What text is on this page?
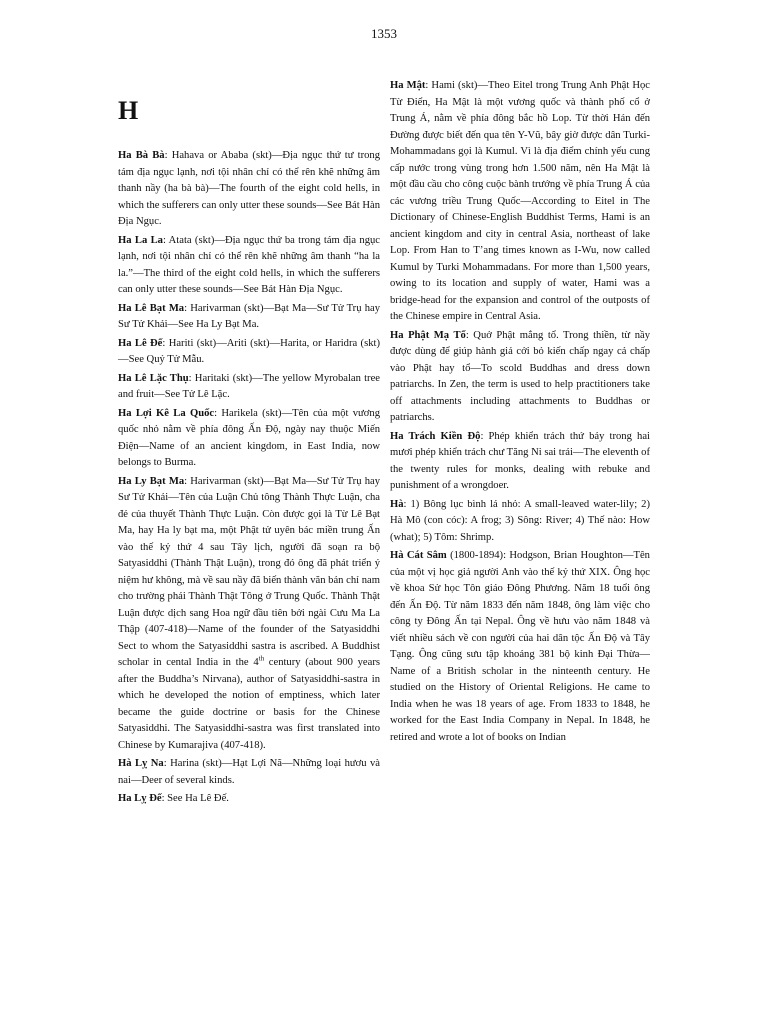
1353
H

Ha Bà Bà: Hahava or Ababa (skt)—Địa ngục thứ tư trong tám địa ngục lạnh, nơi tội nhân chỉ có thể rên khẽ những âm thanh nầy (ha bà bà)—The fourth of the eight cold hells, in which the sufferers can only utter these sounds—See Bát Hàn Địa Ngục.

Ha La La: Atata (skt)—Địa ngục thứ ba trong tám địa ngục lạnh, nơi tội nhân chỉ có thể rên khẽ những âm thanh “ha la la.”—The third of the eight cold hells, in which the sufferers can only utter these sounds—See Bát Hàn Địa Ngục.

Ha Lê Bạt Ma: Harivarman (skt)—Bạt Ma—Sư Tử Trụ hay Sư Tử Khải—See Ha Ly Bạt Ma.

Ha Lê Đế: Hariti (skt)—Ariti (skt)—Harita, or Haridra (skt)—See Quỷ Tử Mẫu.

Ha Lê Lặc Thụ: Haritaki (skt)—The yellow Myrobalan tree and fruit—See Tử Lê Lặc.

Ha Lợi Kê La Quốc: Harikela (skt)—Tên của một vương quốc nhỏ nằm về phía đông Ấn Độ, ngày nay thuộc Miến Điện—Name of an ancient kingdom, in East India, now belongs to Burma.

Ha Ly Bạt Ma: Harivarman (skt)—Bạt Ma—Sư Tử Trụ hay Sư Tử Khải—Tên của Luận Chủ tông Thành Thực Luận, cha đẻ của thuyết Thành Thực Luận. Còn được gọi là Từ Lê Bạt Ma, hay Ha ly bạt ma, một Phật tử uyên bác miền trung Ấn vào thế kỷ thứ 4 sau Tây lịch, người đã soạn ra bộ Satyasiddhi (Thành Thật Luận), trong đó ông đã phát triển ý niệm hư không, mà về sau nầy đã biến thành văn bản chỉ nam cho trường phái Thành Thật Tông ở Trung Quốc. Thành Thật Luận được dịch sang Hoa ngữ đầu tiên bởi ngài Cưu Ma La Thập (407-418)—Name of the founder of the Satyasiddhi Sect to whom the Satyasiddhi sastra is ascribed. A Buddhist scholar in cental India in the 4th century (about 900 years after the Buddha’s Nirvana), author of Satyasiddhi-sastra in which he developed the notion of emptiness, which later became the guide doctrine or basis for the Chinese Satyasiddhi. The Satyasiddhi-sastra was first translated into Chinese by Kumarajiva (407-418).

Hà Lỵ Na: Harina (skt)—Hạt Lợi Nã—Những loại hươu và nai—Deer of several kinds.

Ha Lỵ Đế: See Ha Lê Đế.

Ha Mật: Hami (skt)—Theo Eitel trong Trung Anh Phật Học Từ Điển, Ha Mật là một vương quốc và thành phố cổ ở Trung Á, nằm về phía đông bắc hồ Lop. Từ thời Hán đến Đường được biết đến qua tên Y-Vũ, bây giờ được dân Turki-Mohammadans gọi là Kumul. Vì là địa điểm chính yếu cung cấp nước trong vùng trong hơn 1.500 năm, nên Ha Mật là một đầu cầu cho công cuộc bành trướng về phía Trung Á của các vương triều Trung Quốc—According to Eitel in The Dictionary of Chinese-English Buddhist Terms, Hami is an ancient kingdom and city in central Asia, northeast of lake Lop. From Han to T’ang times known as I-Wu, now called Kumul by Turki Mohammadans. For more than 1,500 years, owing to its location and supply of water, Hami was a bridge-head for the expansion and control of the outposts of the Chinese empire in Central Asia.

Ha Phật Mạ Tổ: Quở Phật mắng tổ. Trong thiền, từ nầy được dùng để giúp hành giả cởi bỏ kiến chấp ngay cả chấp vào Phật hay tổ—To scold Buddhas and dress down patriarchs. In Zen, the term is used to help practitioners take off attachments including attachments to Buddhas or patriarchs.

Ha Trách Kiền Độ: Phép khiển trách thứ bảy trong hai mươi phép khiển trách chư Tăng Ni sai trái—The eleventh of the twenty rules for monks, dealing with rebuke and punishment of a wrongdoer.

Hà: 1) Bông lục bình lá nhỏ: A small-leaved water-lily; 2) Hà Mô (con cóc): A frog; 3) Sông: River; 4) Thế nào: How (what); 5) Tôm: Shrimp.

Hà Cát Sâm (1800-1894): Hodgson, Brian Houghton—Tên của một vị học giả người Anh vào thế kỷ thứ XIX. Ông học về khoa Sử học Tôn giáo Đông Phương. Năm 18 tuổi ông đến Ấn Độ. Từ năm 1833 đến năm 1848, ông làm việc cho công ty Đông Ấn tại Nepal. Ông về hưu vào năm 1848 và viết nhiều sách về con người của hai dân tộc Ấn Độ và Tây Tạng. Ông cũng sưu tập khoảng 381 bộ kinh Đại Thừa—Name of a British scholar in the ninteenth century. He studied on the History of Oriental Religions. He came to India when he was 18 years of age. From 1833 to 1848, he worked for the East India Company in Nepal. In 1848, he retired and wrote a lot of books on Indian
